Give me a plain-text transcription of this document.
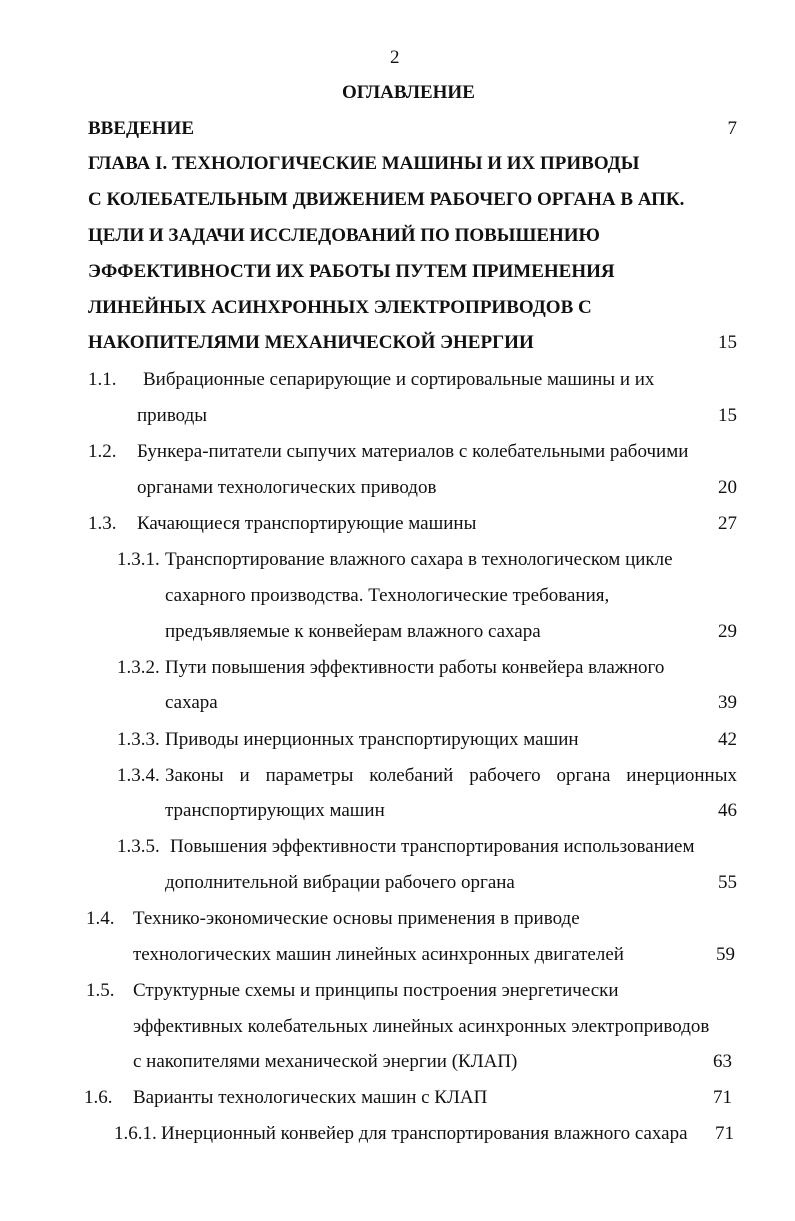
2
ОГЛАВЛЕНИЕ
ВВЕДЕНИЕ	7
ГЛАВА I. ТЕХНОЛОГИЧЕСКИЕ МАШИНЫ И ИХ ПРИВОДЫ
С КОЛЕБАТЕЛЬНЫМ ДВИЖЕНИЕМ РАБОЧЕГО ОРГАНА В АПК.
ЦЕЛИ И ЗАДАЧИ ИССЛЕДОВАНИЙ ПО ПОВЫШЕНИЮ
ЭФФЕКТИВНОСТИ ИХ РАБОТЫ ПУТЕМ ПРИМЕНЕНИЯ
ЛИНЕЙНЫХ АСИНХРОННЫХ ЭЛЕКТРОПРИВОДОВ С
НАКОПИТЕЛЯМИ МЕХАНИЧЕСКОЙ ЭНЕРГИИ	15
1.1. Вибрационные сепарирующие и сортировальные машины и их
приводы	15
1.2. Бункера-питатели сыпучих материалов с колебательными рабочими
органами технологических приводов	20
1.3. Качающиеся транспортирующие машины	27
1.3.1. Транспортирование влажного сахара в технологическом цикле
сахарного производства. Технологические требования,
предъявляемые к конвейерам влажного сахара	29
1.3.2. Пути повышения эффективности работы конвейера влажного
сахара	39
1.3.3. Приводы инерционных транспортирующих машин	42
1.3.4. Законы и параметры колебаний рабочего органа инерционных
транспортирующих машин	46
1.3.5. Повышения эффективности транспортирования использованием
дополнительной вибрации рабочего органа	55
1.4. Технико-экономические основы применения в приводе
технологических машин линейных асинхронных двигателей	59
1.5. Структурные схемы и принципы построения энергетически
эффективных колебательных линейных асинхронных электроприводов
с накопителями механической энергии (КЛАП)	63
1.6. Варианты технологических машин с КЛАП	71
1.6.1. Инерционный конвейер для транспортирования влажного сахара	71
